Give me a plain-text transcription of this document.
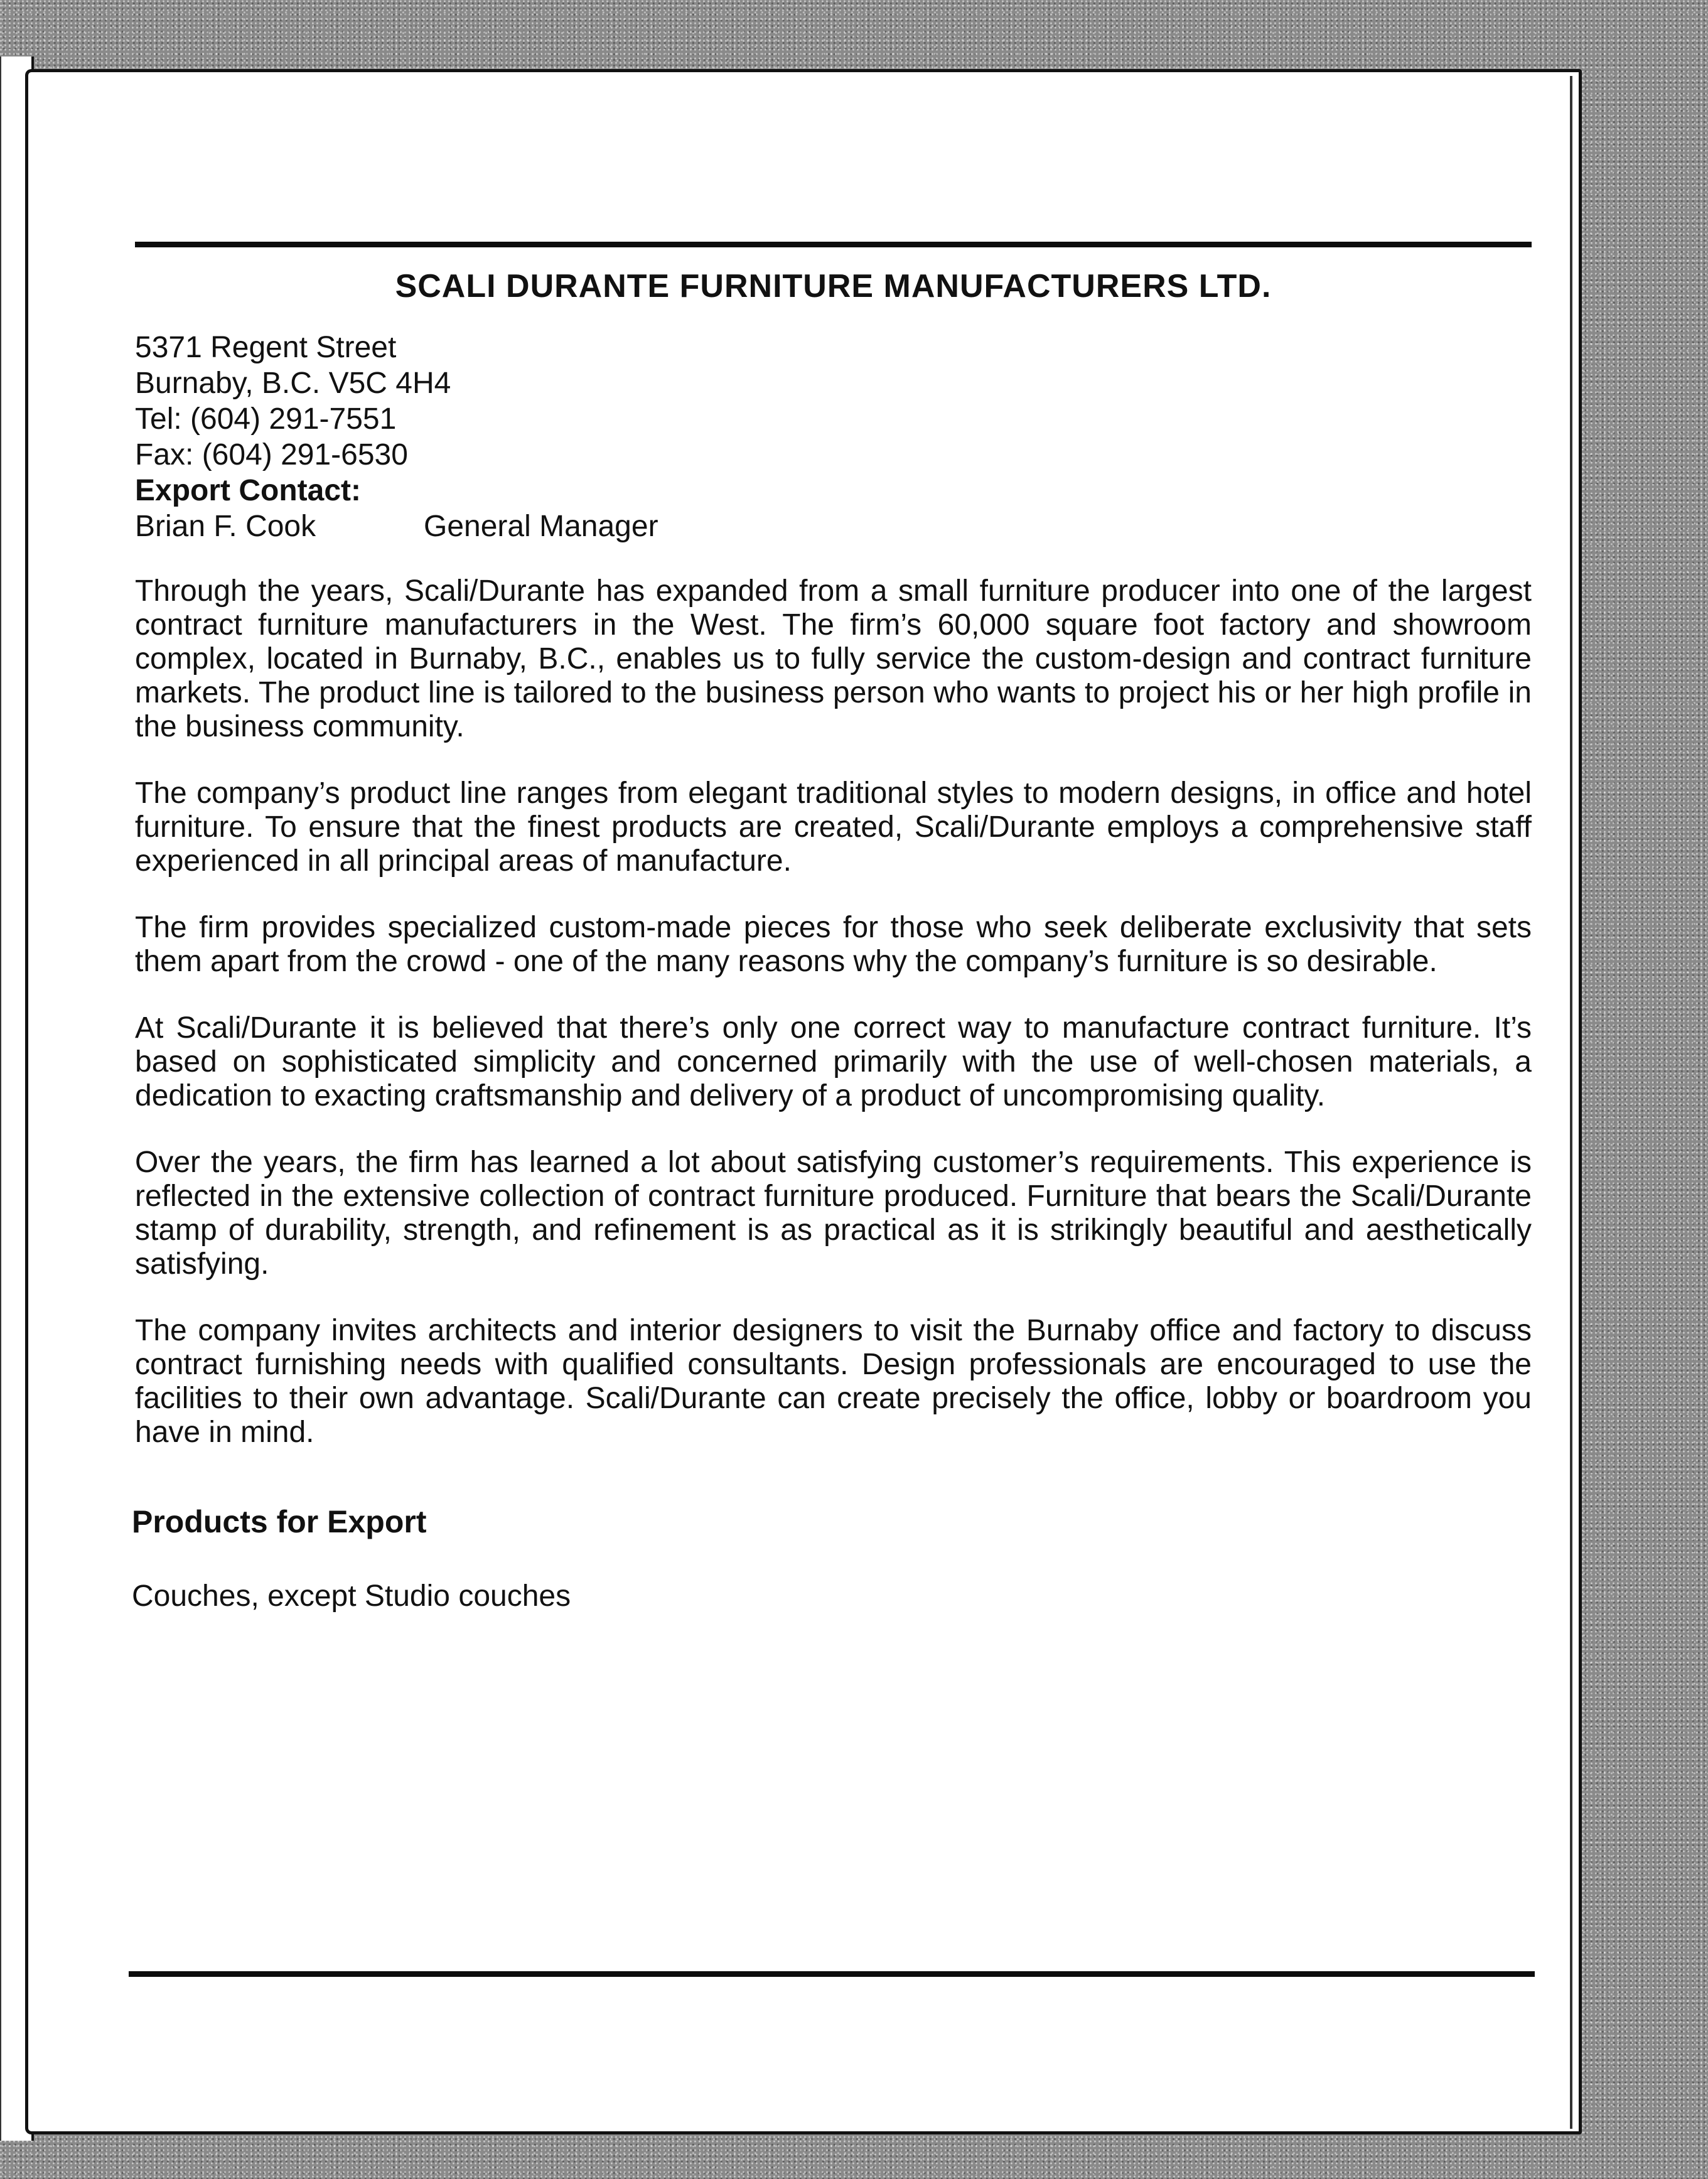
SCALI DURANTE FURNITURE MANUFACTURERS LTD.
5371 Regent Street
Burnaby, B.C. V5C 4H4
Tel: (604) 291-7551
Fax: (604) 291-6530
Export Contact:
Brian F. Cook	General Manager

Through the years, Scali/Durante has expanded from a small furniture producer into one of the largest contract furniture manufacturers in the West. The firm’s 60,000 square foot factory and showroom complex, located in Burnaby, B.C., enables us to fully service the custom-design and contract furniture markets. The product line is tailored to the business person who wants to project his or her high profile in the business community.

The company’s product line ranges from elegant traditional styles to modern designs, in office and hotel furniture. To ensure that the finest products are created, Scali/Durante employs a comprehensive staff experienced in all principal areas of manufacture.

The firm provides specialized custom-made pieces for those who seek deliberate exclusivity that sets them apart from the crowd - one of the many reasons why the company’s furniture is so desirable.

At Scali/Durante it is believed that there’s only one correct way to manufacture contract furniture. It’s based on sophisticated simplicity and concerned primarily with the use of well-chosen materials, a dedication to exacting craftsmanship and delivery of a product of uncompromising quality.

Over the years, the firm has learned a lot about satisfying customer’s requirements. This experience is reflected in the extensive collection of contract furniture produced. Furniture that bears the Scali/Durante stamp of durability, strength, and refinement is as practical as it is strikingly beautiful and aesthetically satisfying.

The company invites architects and interior designers to visit the Burnaby office and factory to discuss contract furnishing needs with qualified consultants. Design professionals are encouraged to use the facilities to their own advantage. Scali/Durante can create precisely the office, lobby or boardroom you have in mind.

Products for Export
Couches, except Studio couches
